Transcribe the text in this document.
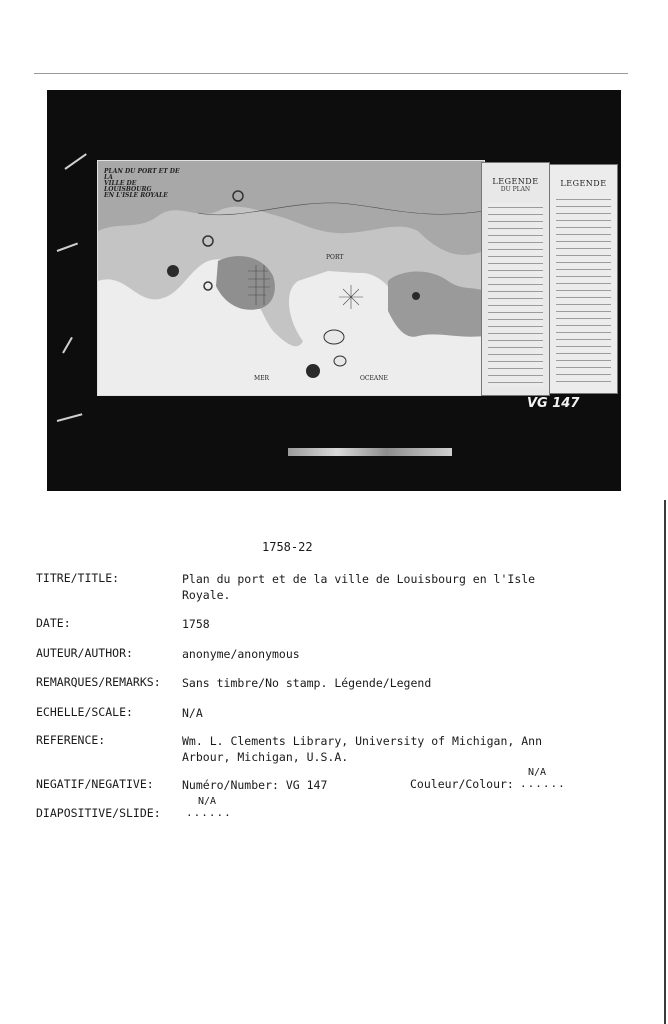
PLAN DU PORT ET DE LA
VILLE DE LOUISBOURG
EN L'ISLE ROYALE
PORT
MER	OCEANE
LEGENDE
DU PLAN
LEGENDE
VG 147
1758-22
TITRE/TITLE:	Plan du port et de la ville de Louisbourg en l'Isle
Royale.
DATE:	1758
AUTEUR/AUTHOR:	anonyme/anonymous
REMARQUES/REMARKS: Sans timbre/No stamp. Légende/Legend
ECHELLE/SCALE:	N/A
REFERENCE:	Wm. L. Clements Library, University of Michigan, Ann
Arbour, Michigan, U.S.A.
NEGATIF/NEGATIVE: Numéro/Number: VG 147	Couleur/Colour:
N/A
......
DIAPOSITIVE/SLIDE:
N/A
......
